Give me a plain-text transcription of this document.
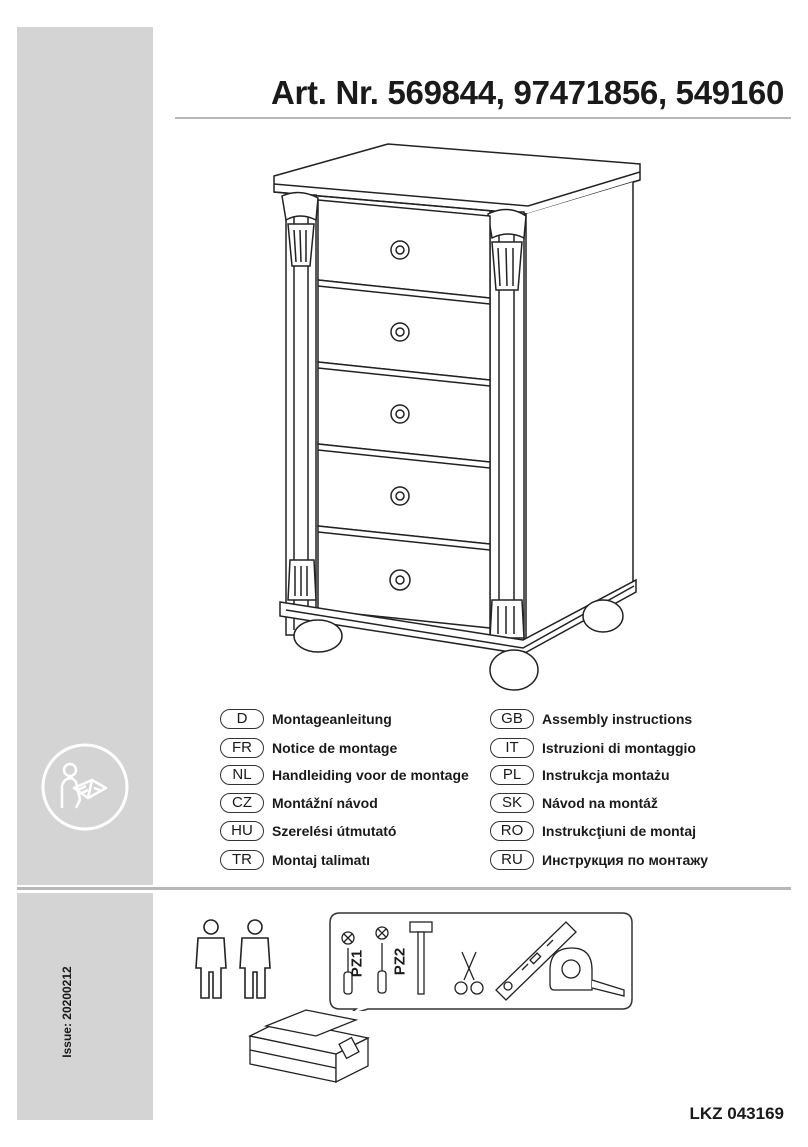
Art. Nr. 569844, 97471856, 549160
D	Montageanleitung
FR	Notice de montage
NL	Handleiding voor de montage
CZ	Montážní návod
HU	Szerelési útmutató
TR	Montaj talimatı
GB	Assembly instructions
IT	Istruzioni di montaggio
PL	Instrukcja montażu
SK	Návod na montáž
RO	Instrukcţiuni de montaj
RU	Инструкция по монтажу
Issue: 20200212
PZ1 PZ2
LKZ 043169
